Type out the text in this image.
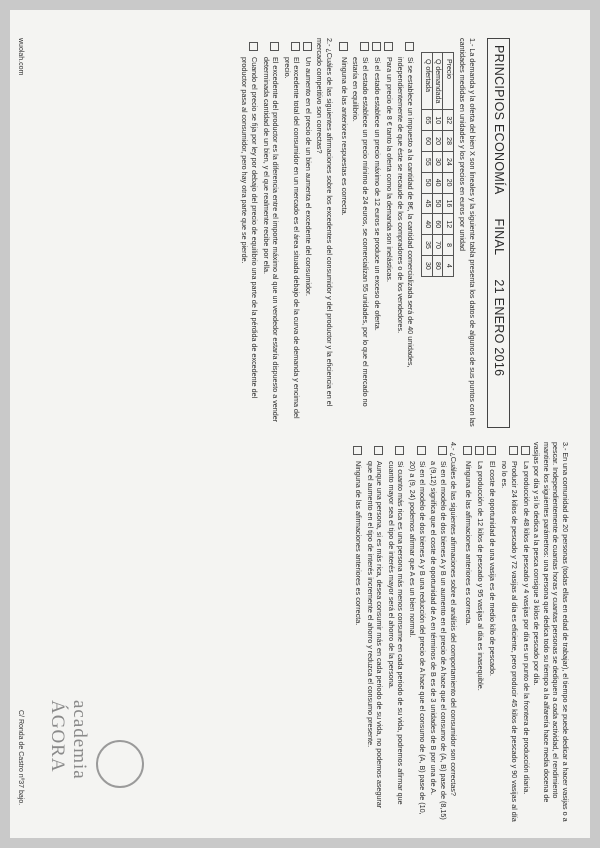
PRINCIPIOS ECONOMÍA
FINAL
21 ENERO 2016
1.- La demanda y la oferta del bien X son lineales y la siguiente tabla presenta los datos de algunos de sus puntos con las cantidades medidas en unidades y los precios en euros por unidad
Precio	32	28	24	20	16	12	8	4
Q demandada	10	20	30	40	50	60	70	80
Q ofertada	65	60	55	50	45	40	35	30
Si se establece un impuesto a la cantidad de 8€, la cantidad comercializada será de 40 unidades, independientemente de que éste se recaude de los compradores o de los vendedores.
Para un precio de 8 € tanto la oferta como la demanda son inelásticas.
Si el estado establece un precio máximo de 12 euros se produce un exceso de oferta.
Si el estado establece un precio mínimo de 24 euros, se comercializan 55 unidades, por lo que el mercado no estaría en equilibrio.
Ninguna de las anteriores respuestas es correcta.
2.- ¿Cuáles de las siguientes afirmaciones sobre los excedentes del consumidor y del productor y la eficiencia en el mercado competitivo son correctas?
Un aumento en el precio de un bien aumenta el excedente del consumidor.
El excedente total del consumidor en un mercado es el área situada debajo de la curva de demanda y encima del precio.
El excedente del productor es la diferencia entre el importe máximo al que un vendedor estaría dispuesto a vender determinada cantidad de un bien, y el que realmente recibe por ella.
Cuando el precio se fija por ley por debajo del precio de equilibrio una parte de la pérdida de excedente del productor pasa al consumidor, pero hay otra parte que se pierde.
3.- En una comunidad de 20 personas (todas ellas en edad de trabajar), el tiempo se puede dedicar a hacer vasijas o a pescar. Independientemente de cuantas horas y cuantas personas se dediquen a cada actividad, el rendimiento mantiene los siguientes parámetros: una persona que dedica todo su tiempo a la alfarería hace media docena de vasijas por día y si lo dedica a la pesca consigue 3 kilos de pescado por día.
La producción de 48 kilos de pescado y 4 vasijas por día es un punto de la frontera de producción diaria.
Producir 24 kilos de pescado y 72 vasijas al día es eficiente, pero producir 45 kilos de pescado y 90 vasijas al día no lo es.
El coste de oportunidad de una vasija es de medio kilo de pescado.
La producción de 12 kilos de pescado y 95 vasijas al día es inasequible.
Ninguna de las afirmaciones anteriores es correcta.
4.- ¿Cuáles de las siguientes afirmaciones sobre el análisis del comportamiento del consumidor son correctas?
Si en el modelo de dos bienes A y B un aumento en el precio de A hace que el consumo de (A, B) pase de (8,15) a (9,12) significa que el coste de oportunidad de A en términos de B es de 3 unidades de B por una de A.
Si en el modelo de dos bienes A y B una reducción del precio de A hace que el consumo de (A, B) pase de (10, 20) a (9, 24) podemos afirmar que A es un bien normal.
Si cuanto más rica es una persona más menos consume en cada periodo de su vida, podremos afirmar que cuanto mayor sea el tipo de interés mayor será el ahorro de la persona.
Aunque una persona, si es más rica, desea consumir más en cada periodo de su vida, no podemos asegurar que el aumento en el tipo de interés incremente el ahorro y reduzca el consumo presente.
Ninguna de las afirmaciones anteriores es correcta.
academia ÁGORA
wuolah.com
C/ Ronda de Castro nº37 bajo.
